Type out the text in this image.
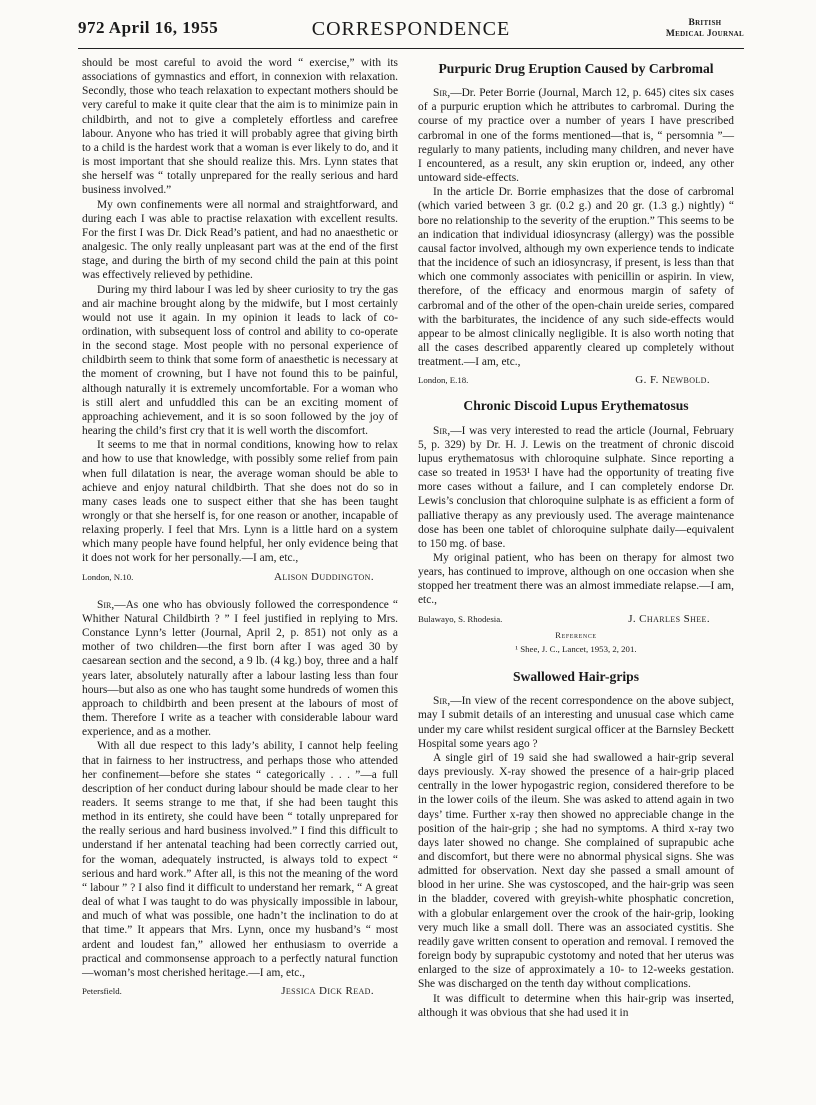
972 April 16, 1955	CORRESPONDENCE	British
Medical Journal

should be most careful to avoid the word “ exercise,” with its associations of gymnastics and effort, in connexion with relaxation. Secondly, those who teach relaxation to expectant mothers should be very careful to make it quite clear that the aim is to minimize pain in childbirth, and not to give a completely effortless and carefree labour. Anyone who has tried it will probably agree that giving birth to a child is the hardest work that a woman is ever likely to do, and it is most important that she should realize this. Mrs. Lynn states that she herself was “ totally unprepared for the really serious and hard business involved.”

My own confinements were all normal and straightforward, and during each I was able to practise relaxation with excellent results. For the first I was Dr. Dick Read’s patient, and had no anaesthetic or analgesic. The only really unpleasant part was at the end of the first stage, and during the birth of my second child the pain at this point was effectively relieved by pethidine.

During my third labour I was led by sheer curiosity to try the gas and air machine brought along by the midwife, but I most certainly would not use it again. In my opinion it leads to lack of co-ordination, with subsequent loss of control and ability to co-operate in the second stage. Most people with no personal experience of childbirth seem to think that some form of anaesthetic is necessary at the moment of crowning, but I have not found this to be painful, although naturally it is extremely uncomfortable. For a woman who is still alert and unfuddled this can be an exciting moment of approaching achievement, and it is so soon followed by the joy of hearing the child’s first cry that it is well worth the discomfort.

It seems to me that in normal conditions, knowing how to relax and how to use that knowledge, with possibly some relief from pain when full dilatation is near, the average woman should be able to achieve and enjoy natural childbirth. That she does not do so in many cases leads one to suspect either that she has been taught wrongly or that she herself is, for one reason or another, incapable of relaxing properly. I feel that Mrs. Lynn is a little hard on a system which many people have found helpful, her only evidence being that it does not work for her personally.—I am, etc.,

London, N.10.	Alison Duddington.

Sir,—As one who has obviously followed the correspondence “ Whither Natural Childbirth ? ” I feel justified in replying to Mrs. Constance Lynn’s letter (Journal, April 2, p. 851) not only as a mother of two children—the first born after I was aged 30 by caesarean section and the second, a 9 lb. (4 kg.) boy, three and a half years later, absolutely naturally after a labour lasting less than four hours—but also as one who has taught some hundreds of women this approach to childbirth and been present at the labours of most of them. Therefore I write as a teacher with considerable labour ward experience, and as a mother.

With all due respect to this lady’s ability, I cannot help feeling that in fairness to her instructress, and perhaps those who attended her confinement—before she states “ categorically . . . ”—a full description of her conduct during labour should be made clear to her readers. It seems strange to me that, if she had been taught this method in its entirety, she could have been “ totally unprepared for the really serious and hard business involved.” I find this difficult to understand if her antenatal teaching had been correctly carried out, for the woman, adequately instructed, is always told to expect “ serious and hard work.” After all, is this not the meaning of the word “ labour ” ? I also find it difficult to understand her remark, “ A great deal of what I was taught to do was physically impossible in labour, and much of what was possible, one hadn’t the inclination to do at that time.” It appears that Mrs. Lynn, once my husband’s “ most ardent and loudest fan,” allowed her enthusiasm to override a practical and commonsense approach to a perfectly natural function—woman’s most cherished heritage.—I am, etc.,

Petersfield.	Jessica Dick Read.
Purpuric Drug Eruption Caused by Carbromal

Sir,—Dr. Peter Borrie (Journal, March 12, p. 645) cites six cases of a purpuric eruption which he attributes to carbromal. During the course of my practice over a number of years I have prescribed carbromal in one of the forms mentioned—that is, “ persomnia ”—regularly to many patients, including many children, and never have I encountered, as a result, any skin eruption or, indeed, any other untoward side-effects.

In the article Dr. Borrie emphasizes that the dose of carbromal (which varied between 3 gr. (0.2 g.) and 20 gr. (1.3 g.) nightly) “ bore no relationship to the severity of the eruption.” This seems to be an indication that individual idiosyncrasy (allergy) was the possible causal factor involved, although my own experience tends to indicate that the incidence of such an idiosyncrasy, if present, is less than that which one commonly associates with penicillin or aspirin. In view, therefore, of the efficacy and enormous margin of safety of carbromal and of the other of the open-chain ureide series, compared with the barbiturates, the incidence of any such side-effects would appear to be almost clinically negligible. It is also worth noting that all the cases described apparently cleared up completely without treatment.—I am, etc.,

London, E.18.	G. F. Newbold.
Chronic Discoid Lupus Erythematosus

Sir,—I was very interested to read the article (Journal, February 5, p. 329) by Dr. H. J. Lewis on the treatment of chronic discoid lupus erythematosus with chloroquine sulphate. Since reporting a case so treated in 1953¹ I have had the opportunity of treating five more cases without a failure, and I can completely endorse Dr. Lewis’s conclusion that chloroquine sulphate is as efficient a form of palliative therapy as any previously used. The average maintenance dose has been one tablet of chloroquine sulphate daily—equivalent to 150 mg. of base.

My original patient, who has been on therapy for almost two years, has continued to improve, although on one occasion when she stopped her treatment there was an almost immediate relapse.—I am, etc.,

Bulawayo, S. Rhodesia.	J. Charles Shee.
Reference
¹ Shee, J. C., Lancet, 1953, 2, 201.
Swallowed Hair-grips

Sir,—In view of the recent correspondence on the above subject, may I submit details of an interesting and unusual case which came under my care whilst resident surgical officer at the Barnsley Beckett Hospital some years ago ?

A single girl of 19 said she had swallowed a hair-grip several days previously. X-ray showed the presence of a hair-grip placed centrally in the lower hypogastric region, considered therefore to be in the lower coils of the ileum. She was asked to attend again in two days’ time. Further x-ray then showed no appreciable change in the position of the hair-grip ; she had no symptoms. A third x-ray two days later showed no change. She complained of suprapubic ache and discomfort, but there were no abnormal physical signs. She was admitted for observation. Next day she passed a small amount of blood in her urine. She was cystoscoped, and the hair-grip was seen in the bladder, covered with greyish-white phosphatic concretion, with a globular enlargement over the crook of the hair-grip, looking very much like a small doll. There was an associated cystitis. She readily gave written consent to operation and removal. I removed the foreign body by suprapubic cystotomy and noted that her uterus was enlarged to the size of approximately a 10- to 12-weeks gestation. She was discharged on the tenth day without complications.

It was difficult to determine when this hair-grip was inserted, although it was obvious that she had used it in
